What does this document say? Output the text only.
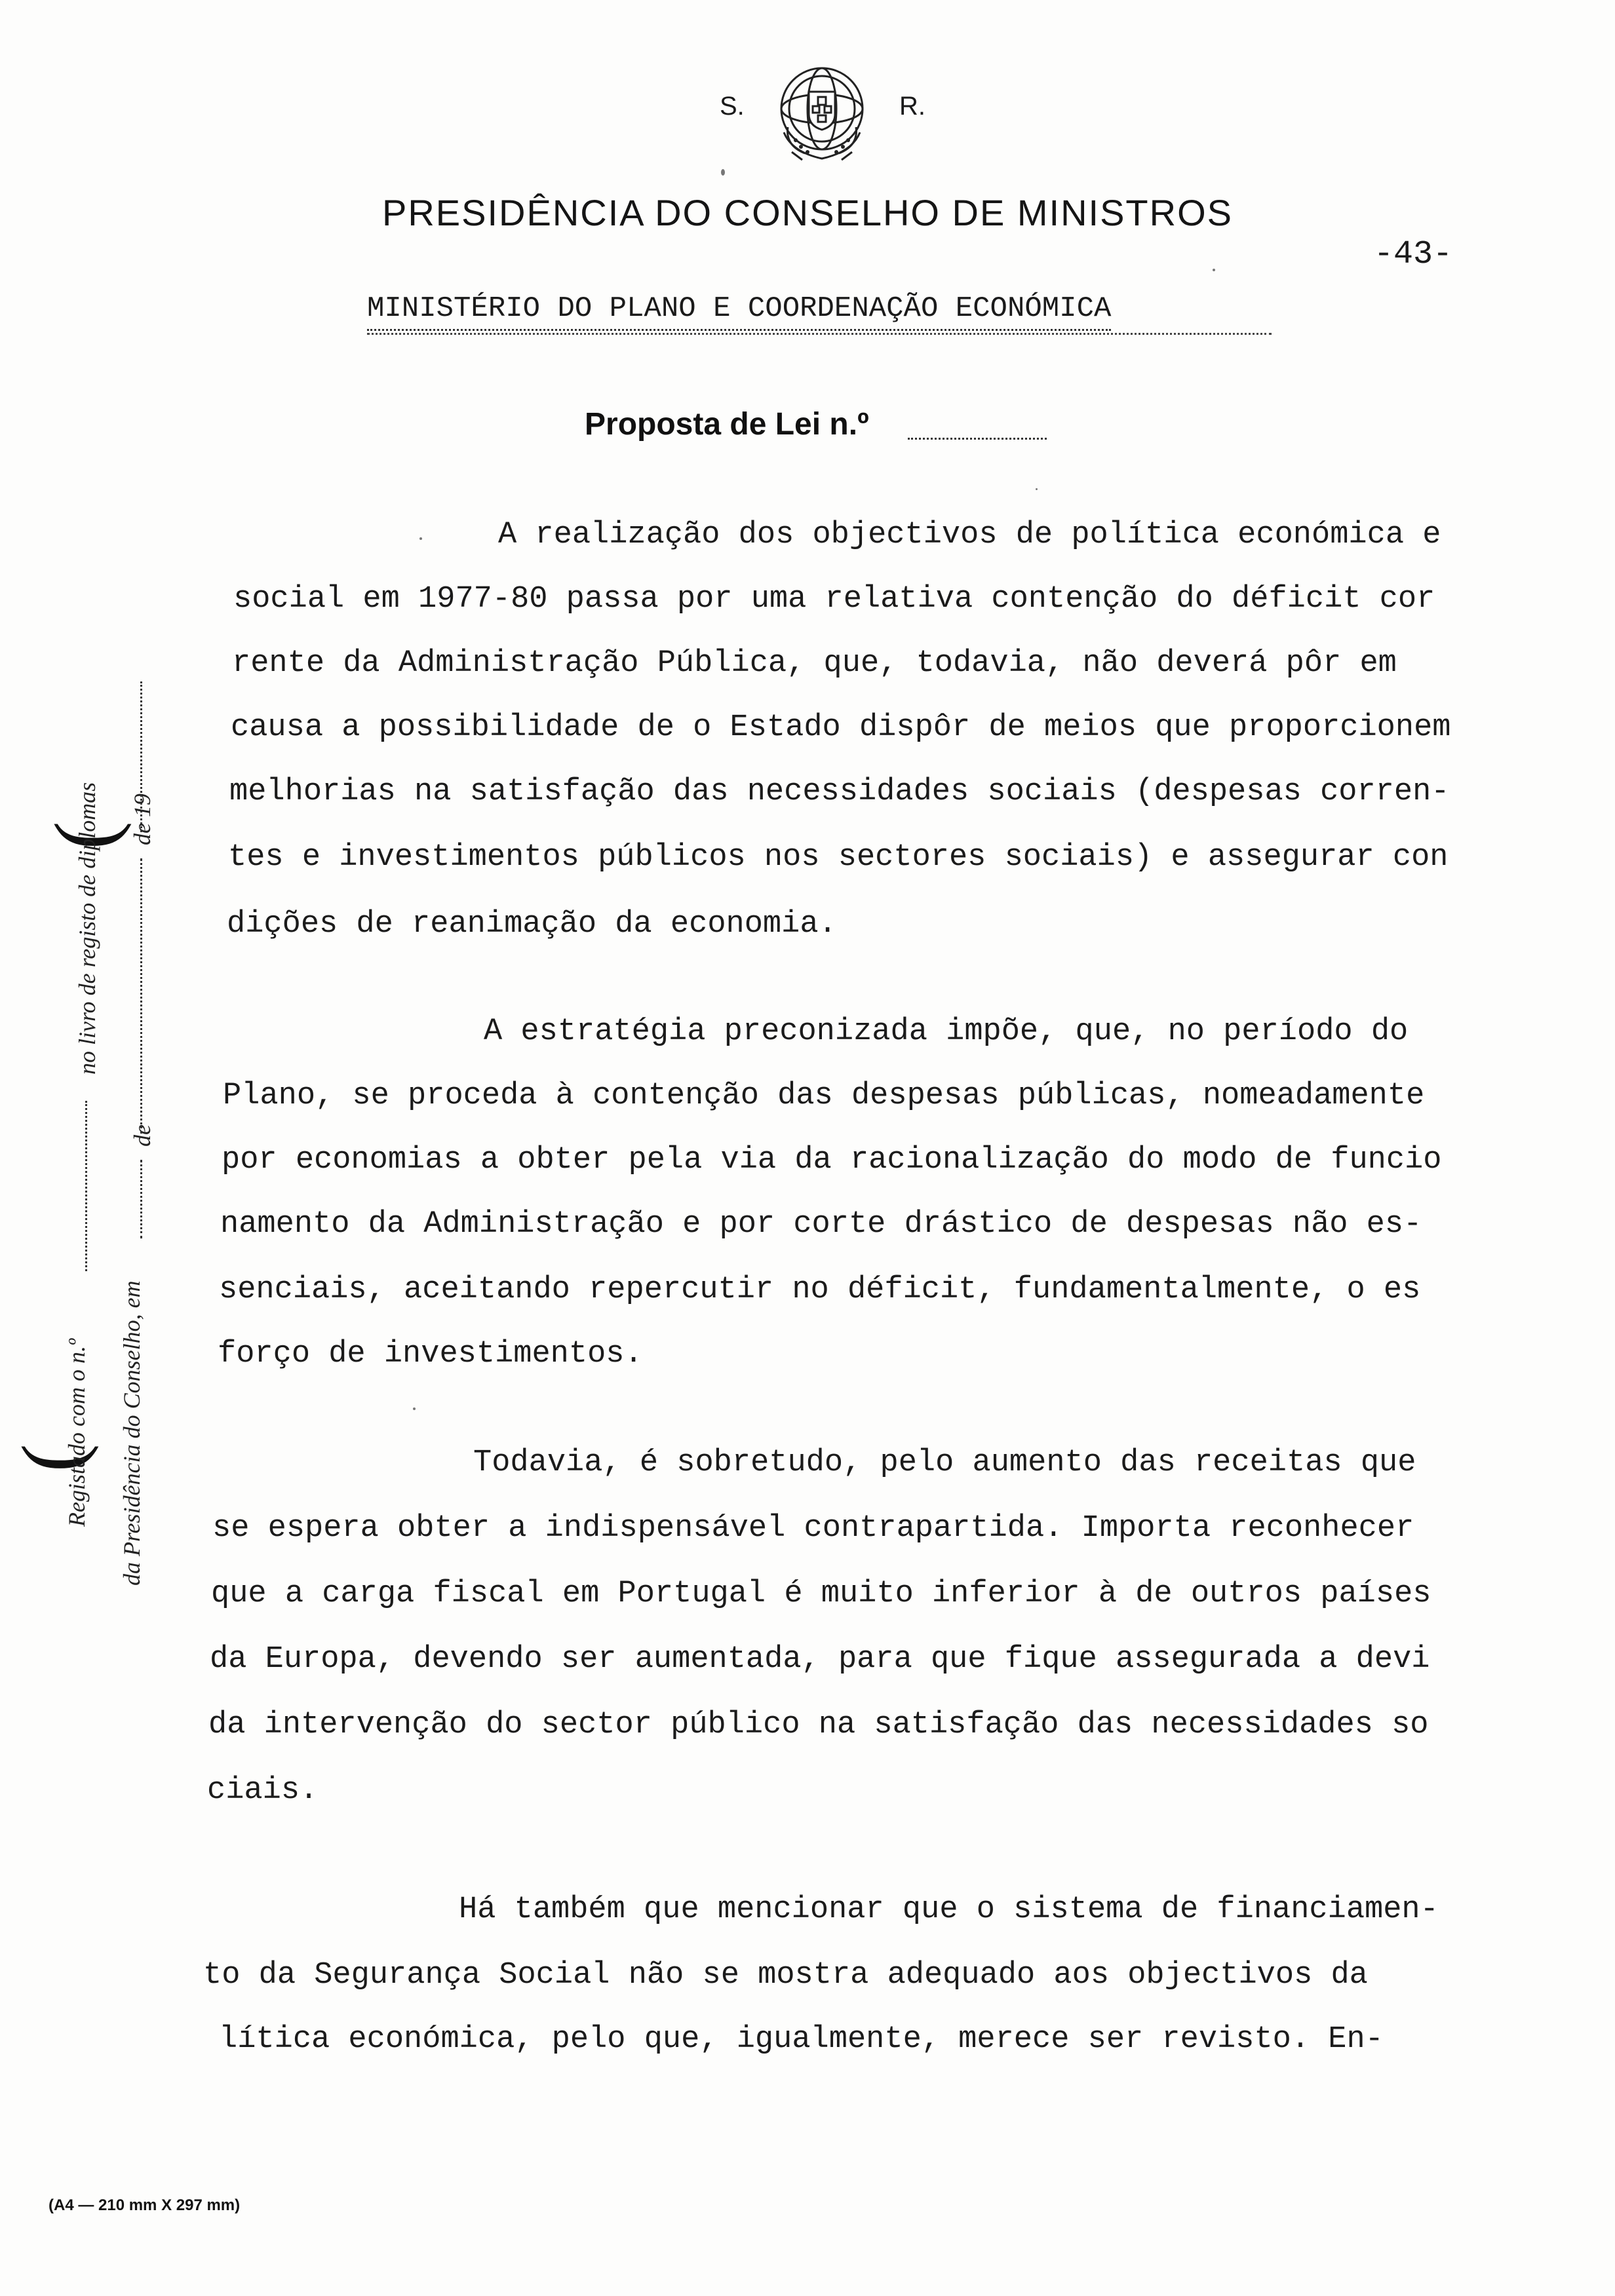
S.	R.
PRESIDÊNCIA DO CONSELHO DE MINISTROS
-43-
MINISTÉRIO DO PLANO E COORDENAÇÃO ECONÓMICA
Proposta de Lei n.º
A realização dos objectivos de política económica e
social em 1977-80 passa por uma relativa contenção do déficit cor
rente da Administração Pública, que, todavia, não deverá pôr em
causa a possibilidade de o Estado dispôr de meios que proporcionem
melhorias na satisfação das necessidades sociais (despesas corren-
tes e investimentos públicos nos sectores sociais) e assegurar con
dições de reanimação da economia.
A estratégia preconizada impõe, que, no período do
Plano, se proceda à contenção das despesas públicas, nomeadamente
por economias a obter pela via da racionalização do modo de funcio
namento da Administração e por corte drástico de despesas não es-
senciais, aceitando repercutir no déficit, fundamentalmente, o es
forço de investimentos.
Todavia, é sobretudo, pelo aumento das receitas que
se espera obter a indispensável contrapartida. Importa reconhecer
que a carga fiscal em Portugal é muito inferior à de outros países
da Europa, devendo ser aumentada, para que fique assegurada a devi
da intervenção do sector público na satisfação das necessidades so
ciais.
Há também que mencionar que o sistema de financiamen-
to da Segurança Social não se mostra adequado aos objectivos da
lítica económica, pelo que, igualmente, merece ser revisto. En-
(
(
Registado com o n.º
no livro de registo de diplomas
da Presidência do Conselho, em
de
de 19
(A4 — 210 mm X 297 mm)
